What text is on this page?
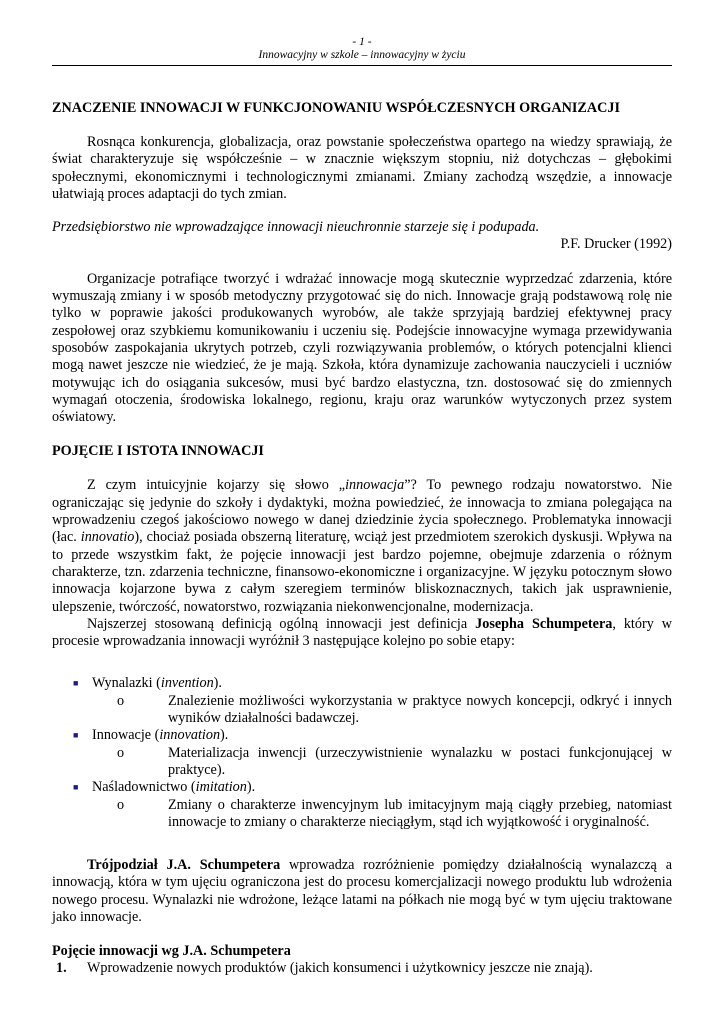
- 1 -
Innowacyjny w szkole – innowacyjny w życiu
ZNACZENIE INNOWACJI W FUNKCJONOWANIU WSPÓŁCZESNYCH ORGANIZACJI

Rosnąca konkurencja, globalizacja, oraz powstanie społeczeństwa opartego na wiedzy sprawiają, że świat charakteryzuje się współcześnie – w znacznie większym stopniu, niż dotychczas – głębokimi społecznymi, ekonomicznymi i technologicznymi zmianami. Zmiany zachodzą wszędzie, a innowacje ułatwiają proces adaptacji do tych zmian.

Przedsiębiorstwo nie wprowadzające innowacji nieuchronnie starzeje się i podupada.

P.F. Drucker (1992)

Organizacje potrafiące tworzyć i wdrażać innowacje mogą skutecznie wyprzedzać zdarzenia, które wymuszają zmiany i w sposób metodyczny przygotować się do nich. Innowacje grają podstawową rolę nie tylko w poprawie jakości produkowanych wyrobów, ale także sprzyjają bardziej efektywnej pracy zespołowej oraz szybkiemu komunikowaniu i uczeniu się. Podejście innowacyjne wymaga przewidywania sposobów zaspokajania ukrytych potrzeb, czyli rozwiązywania problemów, o których potencjalni klienci mogą nawet jeszcze nie wiedzieć, że je mają. Szkoła, która dynamizuje zachowania nauczycieli i uczniów motywując ich do osiągania sukcesów, musi być bardzo elastyczna, tzn. dostosować się do zmiennych wymagań otoczenia, środowiska lokalnego, regionu, kraju oraz warunków wytyczonych przez system oświatowy.

POJĘCIE I ISTOTA INNOWACJI

Z czym intuicyjnie kojarzy się słowo „innowacja”? To pewnego rodzaju nowatorstwo. Nie ograniczając się jedynie do szkoły i dydaktyki, można powiedzieć, że innowacja to zmiana polegająca na wprowadzeniu czegoś jakościowo nowego w danej dziedzinie życia społecznego. Problematyka innowacji (łac. innovatio), chociaż posiada obszerną literaturę, wciąż jest przedmiotem szerokich dyskusji. Wpływa na to przede wszystkim fakt, że pojęcie innowacji jest bardzo pojemne, obejmuje zdarzenia o różnym charakterze, tzn. zdarzenia techniczne, finansowo-ekonomiczne i organizacyjne. W języku potocznym słowo innowacja kojarzone bywa z całym szeregiem terminów bliskoznacznych, takich jak usprawnienie, ulepszenie, twórczość, nowatorstwo, rozwiązania niekonwencjonalne, modernizacja.

Najszerzej stosowaną definicją ogólną innowacji jest definicja Josepha Schumpetera, który w procesie wprowadzania innowacji wyróżnił 3 następujące kolejno po sobie etapy:

■ Wynalazki (invention).
o	Znalezienie możliwości wykorzystania w praktyce nowych koncepcji, odkryć i innych wyników działalności badawczej.
■ Innowacje (innovation).
o	Materializacja inwencji (urzeczywistnienie wynalazku w postaci funkcjonującej w praktyce).
■ Naśladownictwo (imitation).
o	Zmiany o charakterze inwencyjnym lub imitacyjnym mają ciągły przebieg, natomiast innowacje to zmiany o charakterze nieciągłym, stąd ich wyjątkowość i oryginalność.

Trójpodział J.A. Schumpetera wprowadza rozróżnienie pomiędzy działalnością wynalazczą a innowacją, która w tym ujęciu ograniczona jest do procesu komercjalizacji nowego produktu lub wdrożenia nowego procesu. Wynalazki nie wdrożone, leżące latami na półkach nie mogą być w tym ujęciu traktowane jako innowacje.

Pojęcie innowacji wg J.A. Schumpetera
1. Wprowadzenie nowych produktów (jakich konsumenci i użytkownicy jeszcze nie znają).
